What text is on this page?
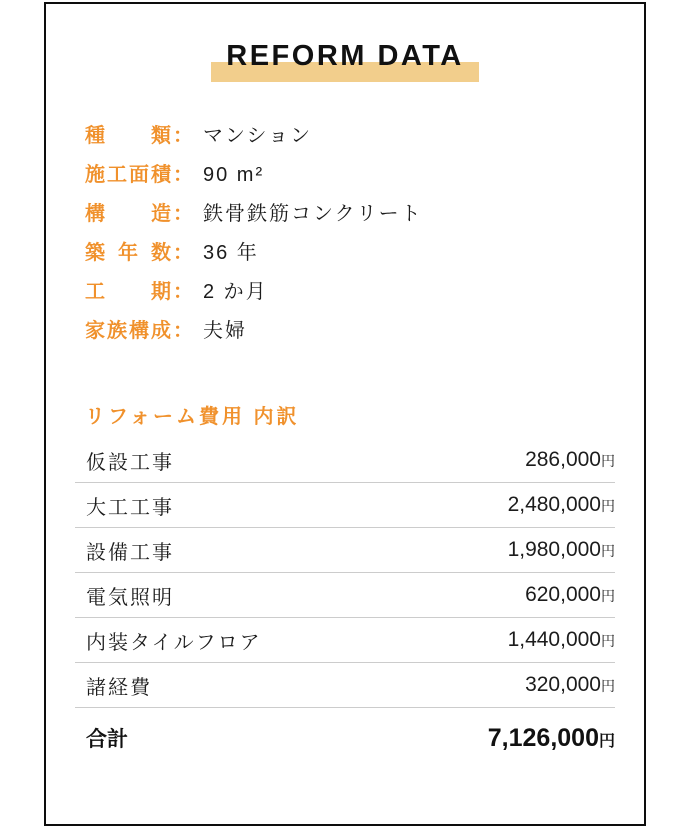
REFORM DATA
種類 ： マンション
施工面積 ： 90 m²
構造 ： 鉄骨鉄筋コンクリート
築年数 ： 36 年
工期 ： 2 か月
家族構成 ： 夫婦
リフォーム費用 内訳
仮設工事	286,000円
大工工事	2,480,000円
設備工事	1,980,000円
電気照明	620,000円
内装タイルフロア	1,440,000円
諸経費	320,000円
合計	7,126,000円
